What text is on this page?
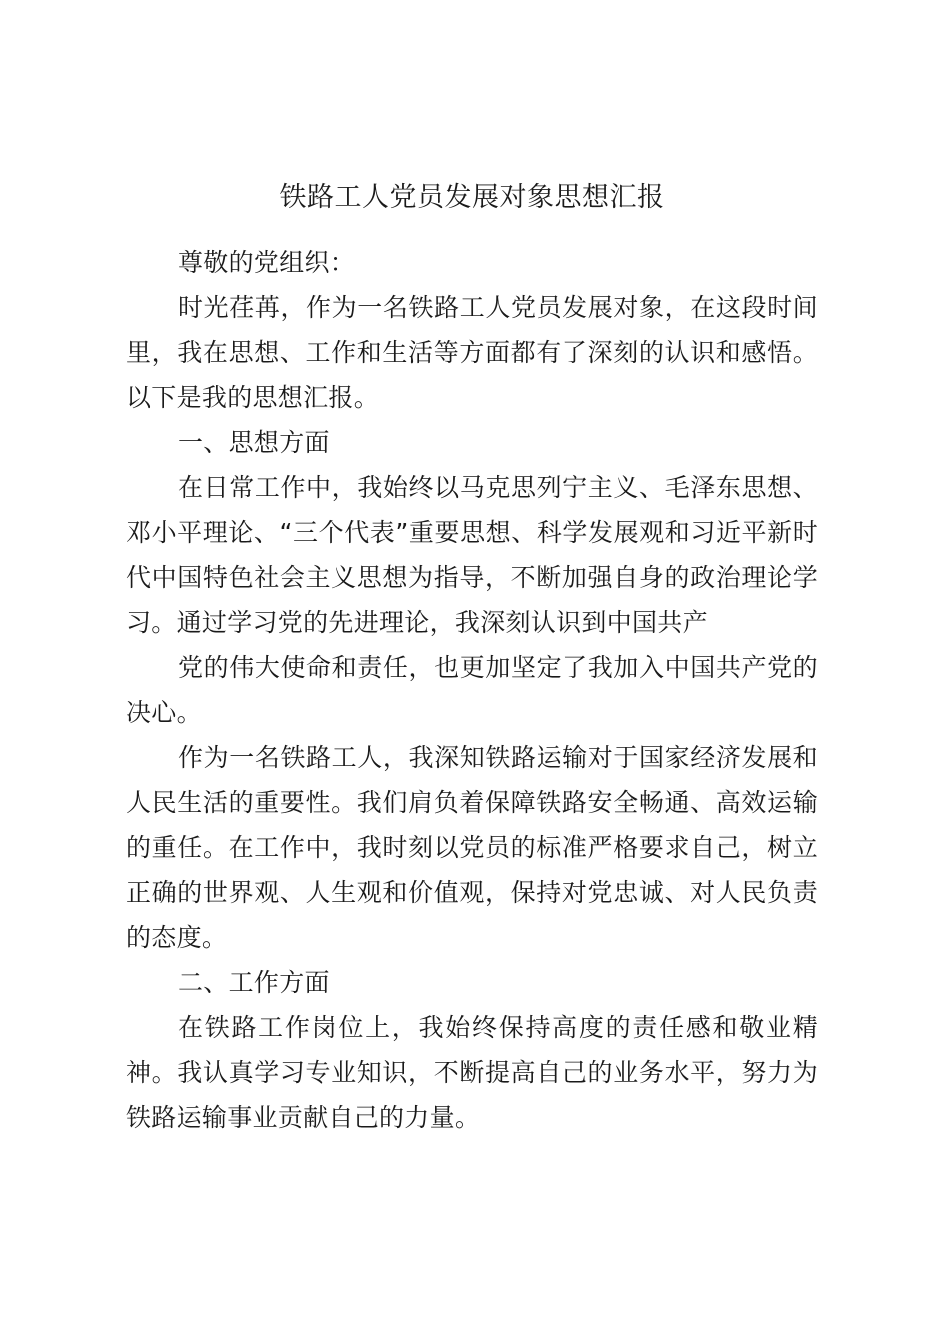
铁路工人党员发展对象思想汇报

尊敬的党组织：

时光荏苒，作为一名铁路工人党员发展对象，在这段时间里，我在思想、工作和生活等方面都有了深刻的认识和感悟。以下是我的思想汇报。

一、思想方面

在日常工作中，我始终以马克思列宁主义、毛泽东思想、邓小平理论、“三个代表”重要思想、科学发展观和习近平新时代中国特色社会主义思想为指导，不断加强自身的政治理论学习。通过学习党的先进理论，我深刻认识到中国共产

党的伟大使命和责任，也更加坚定了我加入中国共产党的决心。

作为一名铁路工人，我深知铁路运输对于国家经济发展和人民生活的重要性。我们肩负着保障铁路安全畅通、高效运输的重任。在工作中，我时刻以党员的标准严格要求自己，树立正确的世界观、人生观和价值观，保持对党忠诚、对人民负责的态度。

二、工作方面

在铁路工作岗位上，我始终保持高度的责任感和敬业精神。我认真学习专业知识，不断提高自己的业务水平，努力为铁路运输事业贡献自己的力量。
